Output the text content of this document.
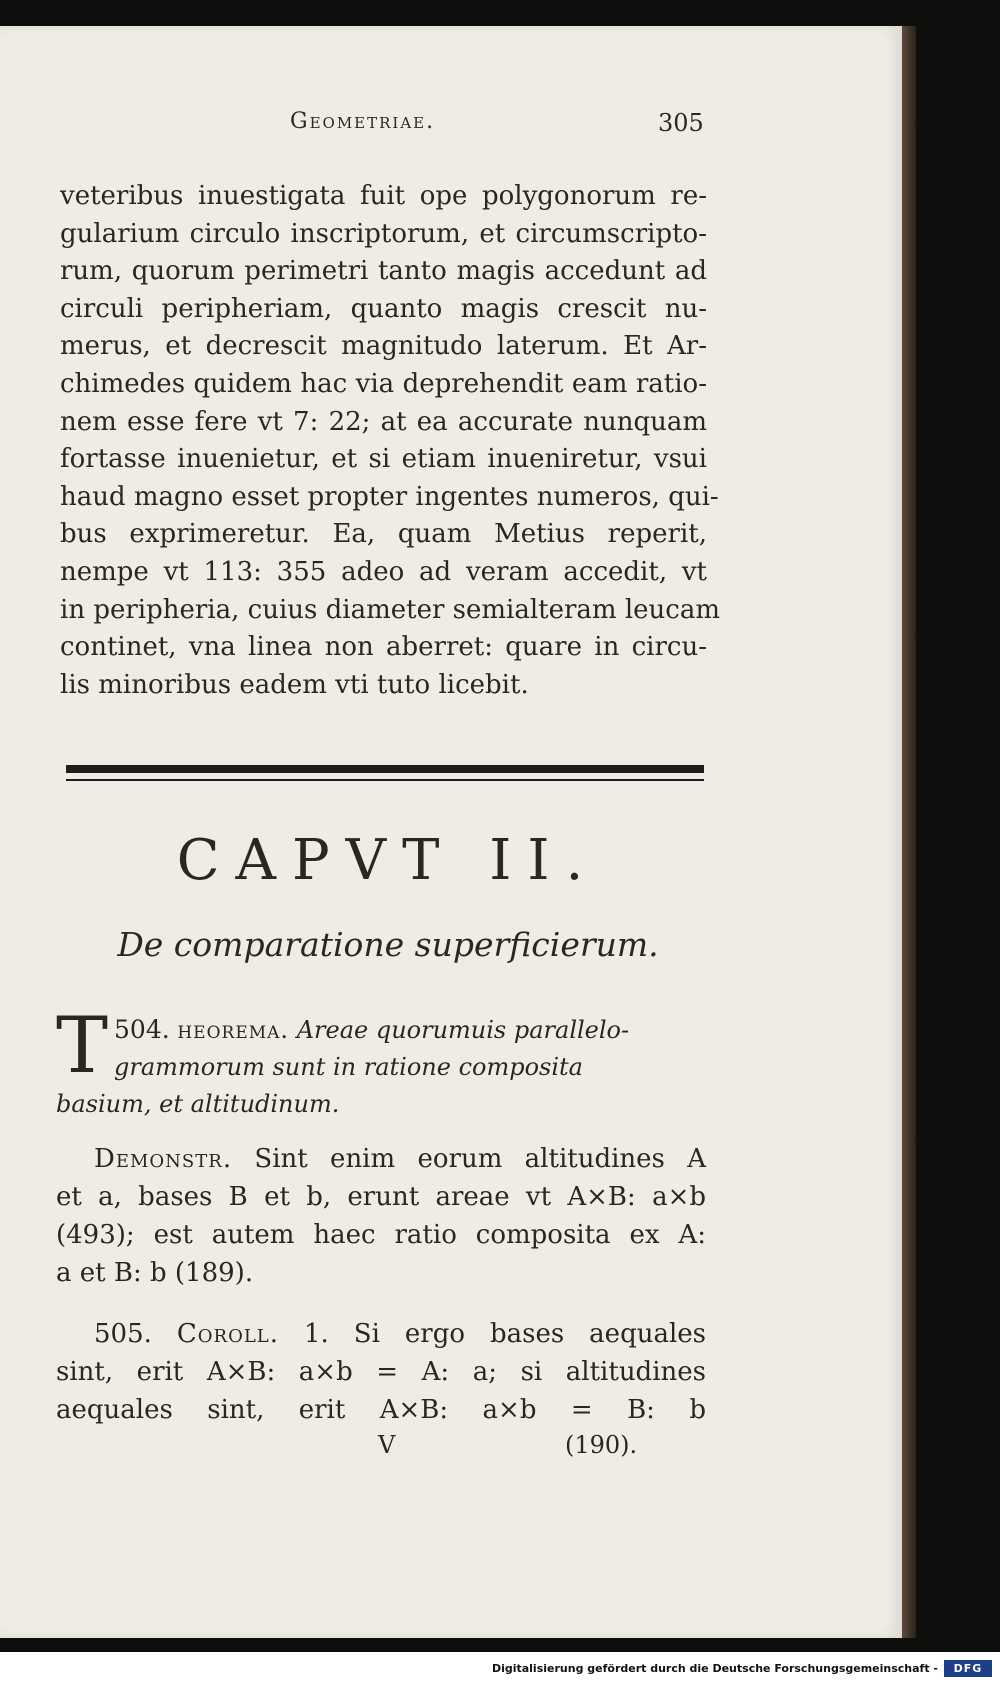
Geometriae.	305
veteribus inuestigata fuit ope polygonorum re-
gularium circulo inscriptorum, et circumscripto-
rum, quorum perimetri tanto magis accedunt ad
circuli peripheriam, quanto magis crescit nu-
merus, et decrescit magnitudo laterum. Et Ar-
chimedes quidem hac via deprehendit eam ratio-
nem esse fere vt 7: 22; at ea accurate nunquam
fortasse inuenietur, et si etiam inueniretur, vsui
haud magno esset propter ingentes numeros, qui-
bus exprimeretur. Ea, quam Metius reperit,
nempe vt 113: 355 adeo ad veram accedit, vt
in peripheria, cuius diameter semialteram leucam
continet, vna linea non aberret: quare in circu-
lis minoribus eadem vti tuto licebit.
CAPVT II.
De comparatione superficierum.
504.
T	heorema. Areae quorumuis parallelo-
grammorum sunt in ratione composita
basium, et altitudinum.
Demonstr. Sint enim eorum altitudines A
et a, bases B et b, erunt areae vt A×B: a×b
(493); est autem haec ratio composita ex A:
a et B: b (189).
505. Coroll. 1. Si ergo bases aequales
sint, erit A×B: a×b = A: a; si altitudines
aequales sint, erit A×B: a×b = B: b
V	(190).
Digitalisierung gefördert durch die Deutsche Forschungsgemeinschaft -	DFG
